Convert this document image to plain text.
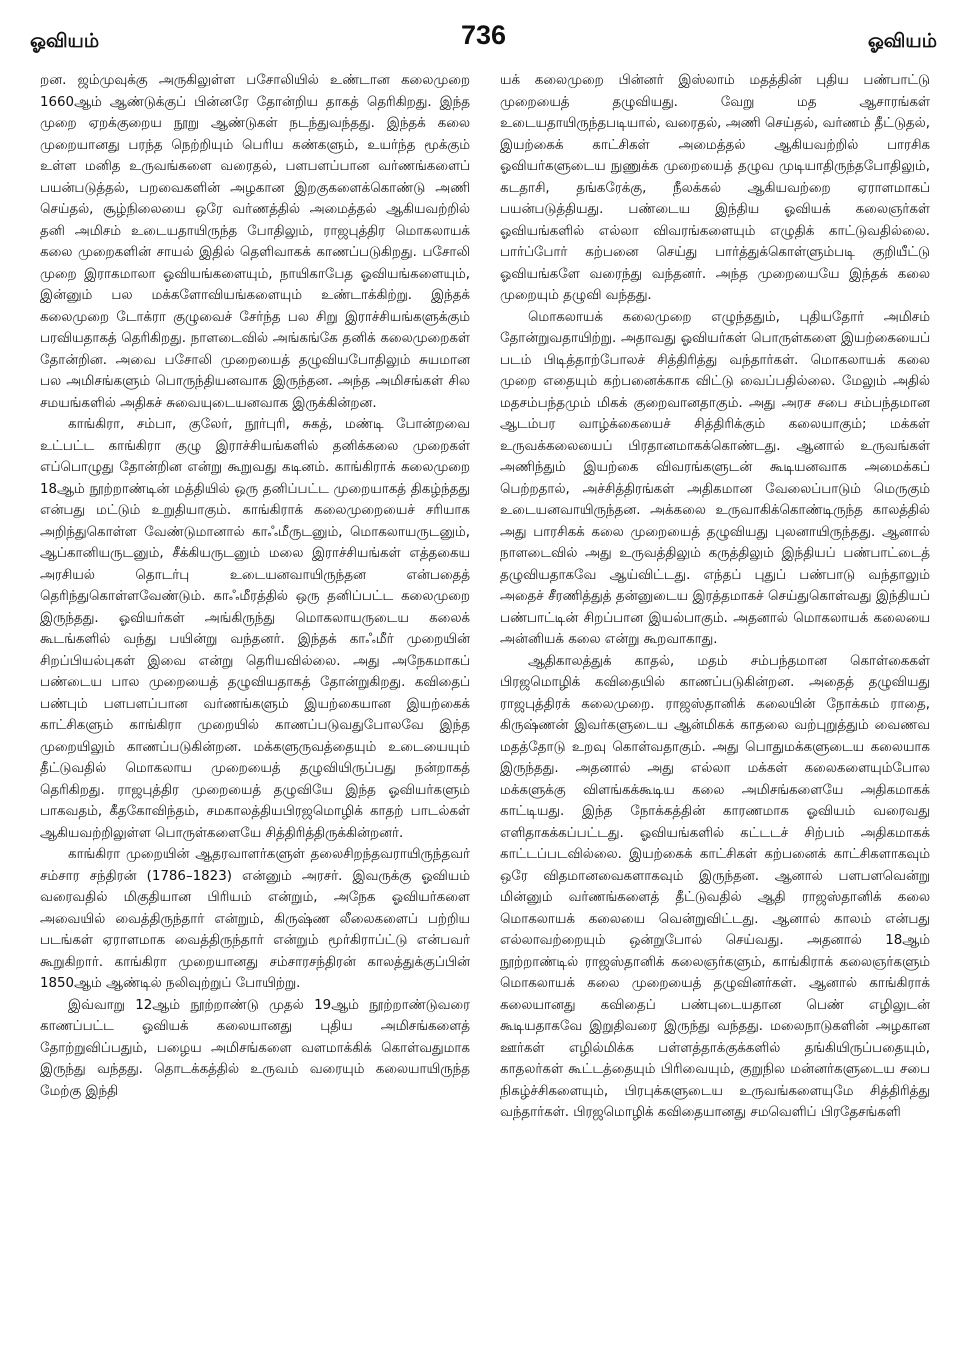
ஓவியம்	736	ஓவியம்

றன. ஜம்முவுக்கு அருகிலுள்ள பசோலியில் உண்டான கலைமுறை 1660ஆம் ஆண்டுக்குப் பின்னரே தோன்றிய தாகத் தெரிகிறது. இந்த முறை ஏறக்குறைய நூறு ஆண்டுகள் நடந்துவந்தது. இந்தக் கலை முறையானது பரந்த நெற்றியும் பெரிய கண்களும், உயர்ந்த மூக்கும் உள்ள மனித உருவங்களை வரைதல், பளபளப்பான வர்ணங்களைப் பயன்படுத்தல், பறவைகளின் அழகான இறகுகளைக்கொண்டு அணி செய்தல், சூழ்நிலையை ஒரே வர்ணத்தில் அமைத்தல் ஆகியவற்றில் தனி அமிசம் உடையதாயிருந்த போதிலும், ராஜபுத்திர மொகலாயக் கலை முறைகளின் சாயல் இதில் தெளிவாகக் காணப்படுகிறது. பசோலி முறை இராகமாலா ஓவியங்களையும், நாயிகாபேத ஓவியங்களையும், இன்னும் பல மக்களோவியங்களையும் உண்டாக்கிற்று. இந்தக் கலைமுறை டோக்ரா குழுவைச் சேர்ந்த பல சிறு இராச்சியங்களுக்கும் பரவியதாகத் தெரிகிறது. நாளடைவில் அங்கங்கே தனிக் கலைமுறைகள் தோன்றின. அவை பசோலி முறையைத் தழுவியபோதிலும் சுயமான பல அமிசங்களும் பொருந்தியனவாக இருந்தன. அந்த அமிசங்கள் சில சமயங்களில் அதிகச் சுவையுடையனவாக இருக்கின்றன.

காங்கிரா, சம்பா, குலேர், நூர்புரி, சுகத், மண்டி போன்றவை உட்பட்ட காங்கிரா குழு இராச்சியங்களில் தனிக்கலை முறைகள் எப்பொழுது தோன்றின என்று கூறுவது கடினம். காங்கிராக் கலைமுறை 18ஆம் நூற்றாண்டின் மத்தியில் ஒரு தனிப்பட்ட முறையாகத் திகழ்ந்தது என்பது மட்டும் உறுதியாகும். காங்கிராக் கலைமுறையைச் சரியாக அறிந்துகொள்ள வேண்டுமானால் காஃமீருடனும், மொகலாயருடனும், ஆப்கானியருடனும், சீக்கியருடனும் மலை இராச்சியங்கள் எத்தகைய அரசியல் தொடர்பு உடையனவாயிருந்தன என்பதைத் தெரிந்துகொள்ளவேண்டும். காஃமீரத்தில் ஒரு தனிப்பட்ட கலைமுறை இருந்தது. ஓவியர்கள் அங்கிருந்து மொகலாயருடைய கலைக் கூடங்களில் வந்து பயின்று வந்தனர். இந்தக் காஃமீர் முறையின் சிறப்பியல்புகள் இவை என்று தெரியவில்லை. அது அநேகமாகப் பண்டைய பால முறையைத் தழுவியதாகத் தோன்றுகிறது. கவிதைப் பண்பும் பளபளப்பான வர்ணங்களும் இயற்கையான இயற்கைக் காட்சிகளும் காங்கிரா முறையில் காணப்படுவதுபோலவே இந்த முறையிலும் காணப்படுகின்றன. மக்களுருவத்தையும் உடையையும் தீட்டுவதில் மொகலாய முறையைத் தழுவியிருப்பது நன்றாகத் தெரிகிறது. ராஜபுத்திர முறையைத் தழுவியே இந்த ஓவியர்களும் பாகவதம், கீதகோவிந்தம், சமகாலத்தியபிரஜமொழிக் காதற் பாடல்கள் ஆகியவற்றிலுள்ள பொருள்களையே சித்திரித்திருக்கின்றனர்.

காங்கிரா முறையின் ஆதரவாளர்களுள் தலைசிறந்தவராயிருந்தவர் சம்சார சந்திரன் (1786–1823) என்னும் அரசர். இவருக்கு ஓவியம் வரைவதில் மிகுதியான பிரியம் என்றும், அநேக ஓவியர்களை அவையில் வைத்திருந்தார் என்றும், கிருஷ்ண லீலைகளைப் பற்றிய படங்கள் ஏராளமாக வைத்திருந்தார் என்றும் மூர்கிராப்ட்டு என்பவர் கூறுகிறார். காங்கிரா முறையானது சம்சாரசந்திரன் காலத்துக்குப்பின் 1850ஆம் ஆண்டில் நலிவுற்றுப் போயிற்று.

இவ்வாறு 12ஆம் நூற்றாண்டு முதல் 19ஆம் நூற்றாண்டுவரை காணப்பட்ட ஓவியக் கலையானது புதிய அமிசங்களைத் தோற்றுவிப்பதும், பழைய அமிசங்களை வளமாக்கிக் கொள்வதுமாக இருந்து வந்தது. தொடக்கத்தில் உருவம் வரையும் கலையாயிருந்த மேற்கு இந்தி

யக் கலைமுறை பின்னர் இஸ்லாம் மதத்தின் புதிய பண்பாட்டு முறையைத் தழுவியது. வேறு மத ஆசாரங்கள் உடையதாயிருந்தபடியால், வரைதல், அணி செய்தல், வர்ணம் தீட்டுதல், இயற்கைக் காட்சிகள் அமைத்தல் ஆகியவற்றில் பாரசிக ஓவியர்களுடைய நுணுக்க முறையைத் தழுவ முடியாதிருந்தபோதிலும், கடதாசி, தங்கரேக்கு, நீலக்கல் ஆகியவற்றை ஏராளமாகப் பயன்படுத்தியது. பண்டைய இந்திய ஓவியக் கலைஞர்கள் ஓவியங்களில் எல்லா விவரங்களையும் எழுதிக் காட்டுவதில்லை. பார்ப்போர் கற்பனை செய்து பார்த்துக்கொள்ளும்படி குறியீட்டு ஓவியங்களே வரைந்து வந்தனர். அந்த முறையையே இந்தக் கலை முறையும் தழுவி வந்தது.

மொகலாயக் கலைமுறை எழுந்ததும், புதியதோர் அமிசம் தோன்றுவதாயிற்று. அதாவது ஓவியர்கள் பொருள்களை இயற்கையைப் படம் பிடித்தாற்போலச் சித்திரித்து வந்தார்கள். மொகலாயக் கலை முறை எதையும் கற்பனைக்காக விட்டு வைப்பதில்லை. மேலும் அதில் மதசம்பந்தமும் மிகக் குறைவானதாகும். அது அரச சபை சம்பந்தமான ஆடம்பர வாழ்க்கையைச் சித்திரிக்கும் கலையாகும்; மக்கள் உருவக்கலையைப் பிரதானமாகக்கொண்டது. ஆனால் உருவங்கள் அணிந்தும் இயற்கை விவரங்களுடன் கூடியனவாக அமைக்கப் பெற்றதால், அச்சித்திரங்கள் அதிகமான வேலைப்பாடும் மெருகும் உடையனவாயிருந்தன. அக்கலை உருவாகிக்கொண்டிருந்த காலத்தில் அது பாரசிகக் கலை முறையைத் தழுவியது புலனாயிருந்தது. ஆனால் நாளடைவில் அது உருவத்திலும் கருத்திலும் இந்தியப் பண்பாட்டைத் தழுவியதாகவே ஆய்விட்டது. எந்தப் புதுப் பண்பாடு வந்தாலும் அதைச் சீரணித்துத் தன்னுடைய இரத்தமாகச் செய்துகொள்வது இந்தியப் பண்பாட்டின் சிறப்பான இயல்பாகும். அதனால் மொகலாயக் கலையை அன்னியக் கலை என்று கூறவாகாது.

ஆதிகாலத்துக் காதல், மதம் சம்பந்தமான கொள்கைகள் பிரஜமொழிக் கவிதையில் காணப்படுகின்றன. அதைத் தழுவியது ராஜபுத்திரக் கலைமுறை. ராஜஸ்தானிக் கலையின் நோக்கம் ராதை, கிருஷ்ணன் இவர்களுடைய ஆன்மிகக் காதலை வற்புறுத்தும் வைணவ மதத்தோடு உறவு கொள்வதாகும். அது பொதுமக்களுடைய கலையாக இருந்தது. அதனால் அது எல்லா மக்கள் கலைகளையும்போல மக்களுக்கு விளங்கக்கூடிய கலை அமிசங்களையே அதிகமாகக் காட்டியது. இந்த நோக்கத்தின் காரணமாக ஓவியம் வரைவது எளிதாகக்கப்பட்டது. ஓவியங்களில் கட்டடச் சிற்பம் அதிகமாகக் காட்டப்படவில்லை. இயற்கைக் காட்சிகள் கற்பனைக் காட்சிகளாகவும் ஒரே விதமானவைகளாகவும் இருந்தன. ஆனால் பளபளவென்று மின்னும் வர்ணங்களைத் தீட்டுவதில் ஆதி ராஜஸ்தானிக் கலை மொகலாயக் கலையை வென்றுவிட்டது. ஆனால் காலம் என்பது எல்லாவற்றையும் ஒன்றுபோல் செய்வது. அதனால் 18ஆம் நூற்றாண்டில் ராஜஸ்தானிக் கலைஞர்களும், காங்கிராக் கலைஞர்களும் மொகலாயக் கலை முறையைத் தழுவினர்கள். ஆனால் காங்கிராக் கலையானது கவிதைப் பண்புடையதான பெண் எழிலுடன் கூடியதாகவே இறுதிவரை இருந்து வந்தது. மலைநாடுகளின் அழகான ஊர்கள் எழில்மிக்க பள்ளத்தாக்குக்களில் தங்கியிருப்பதையும், காதலர்கள் கூட்டத்தையும் பிரிவையும், குறுநில மன்னர்களுடைய சபை நிகழ்ச்சிகளையும், பிரபுக்களுடைய உருவங்களையுமே சித்திரித்து வந்தார்கள். பிரஜமொழிக் கவிதையானது சமவெளிப் பிரதேசங்களி
